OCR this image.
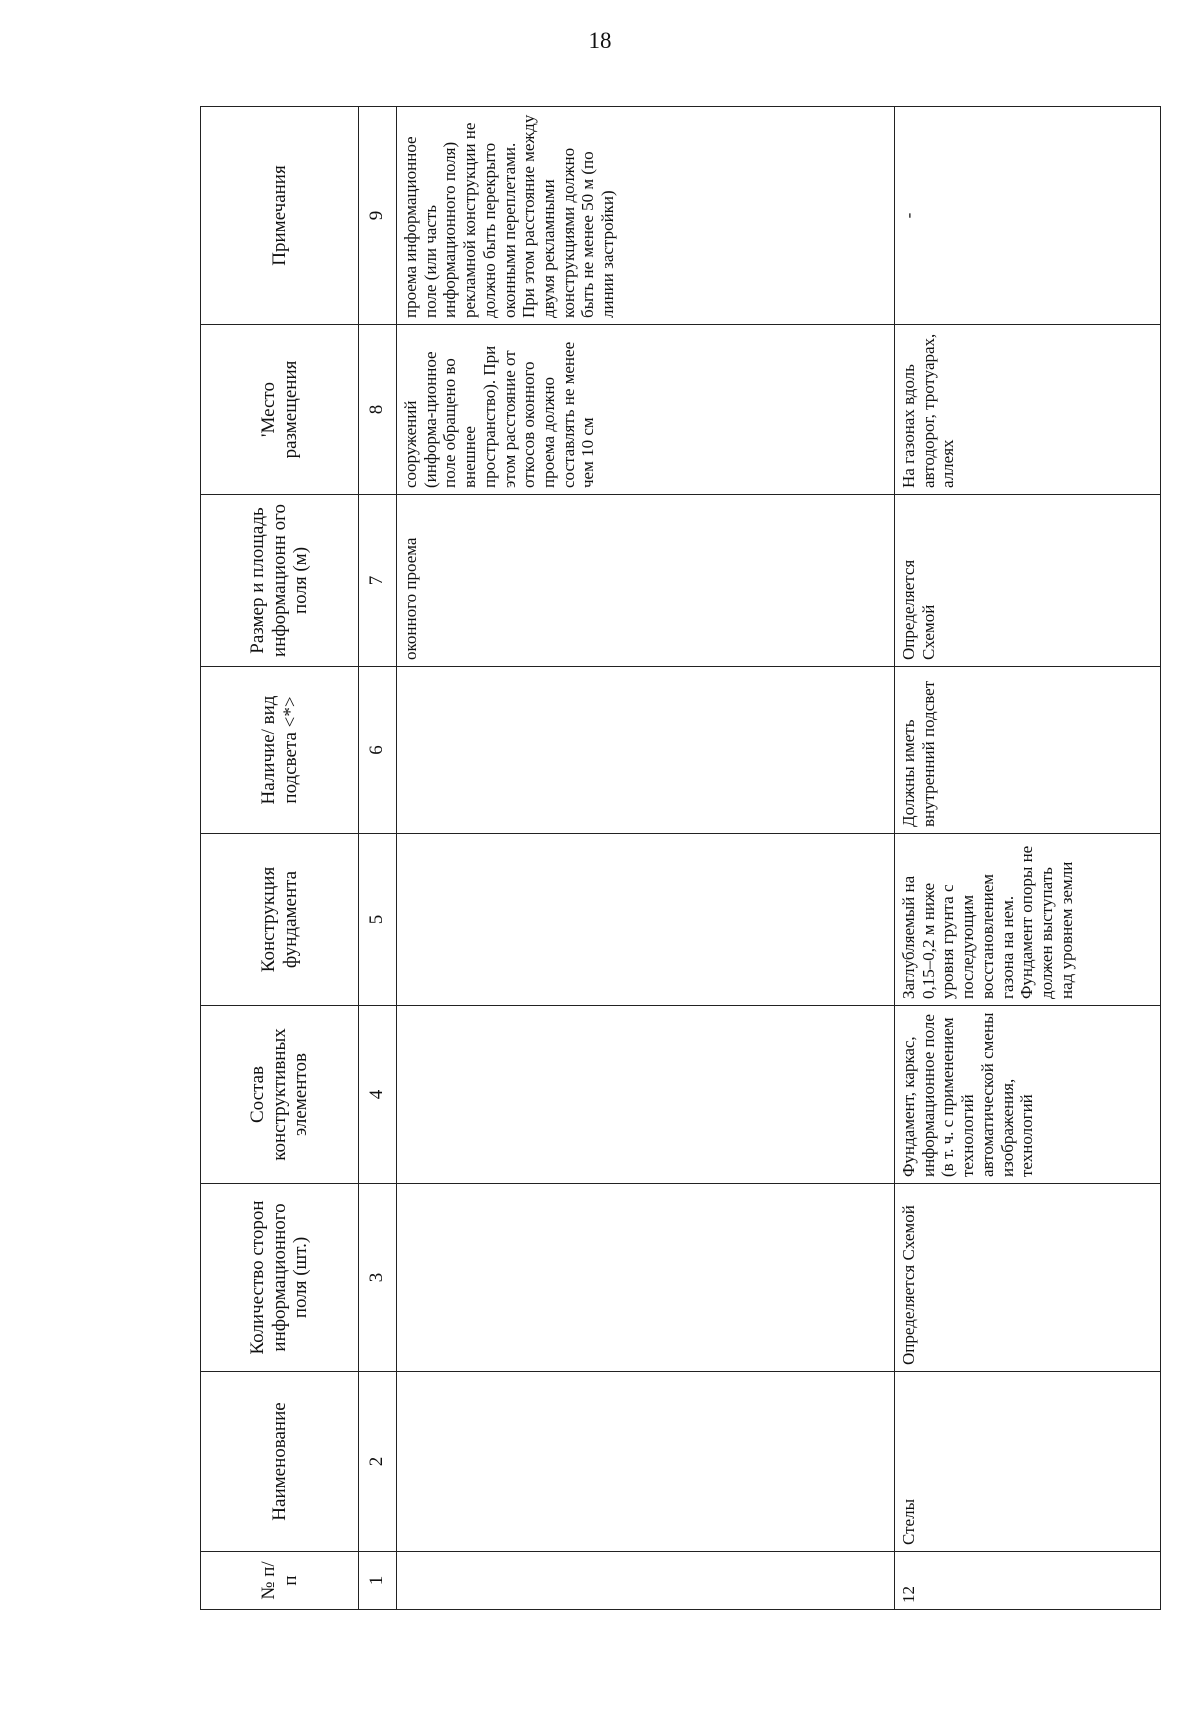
18
№ п/п	Наименование	Количество сторон информационного поля (шт.)	Состав конструктивных элементов	Конструкция фундамента	Наличие/ вид подсвета <*>	Размер и площадь информационн ого поля (м)	'Место размещения	Примечания
1	2	3	4	5	6	7	8	9
						оконного проема	сооружений (информа-ционное поле обращено во внешнее пространство). При этом расстояние от откосов оконного проема должно составлять не менее чем 10 см	проема информационное поле (или часть информационного поля) рекламной конструкции не должно быть перекрыто оконными переплетами. При этом расстояние между двумя рекламными конструкциями должно быть не менее 50 м (по линии застройки)
12	Стелы	Определяется Схемой	Фундамент, каркас, информационное поле (в т. ч. с применением технологий автоматической смены изображения, технологий	Заглубляемый на 0,15–0,2 м ниже уровня грунта с последующим восстановлением газона на нем. Фундамент опоры не должен выступать над уровнем земли	Должны иметь внутренний подсвет	Определяется Схемой	На газонах вдоль автодорог, тротуарах, аллеях	-
